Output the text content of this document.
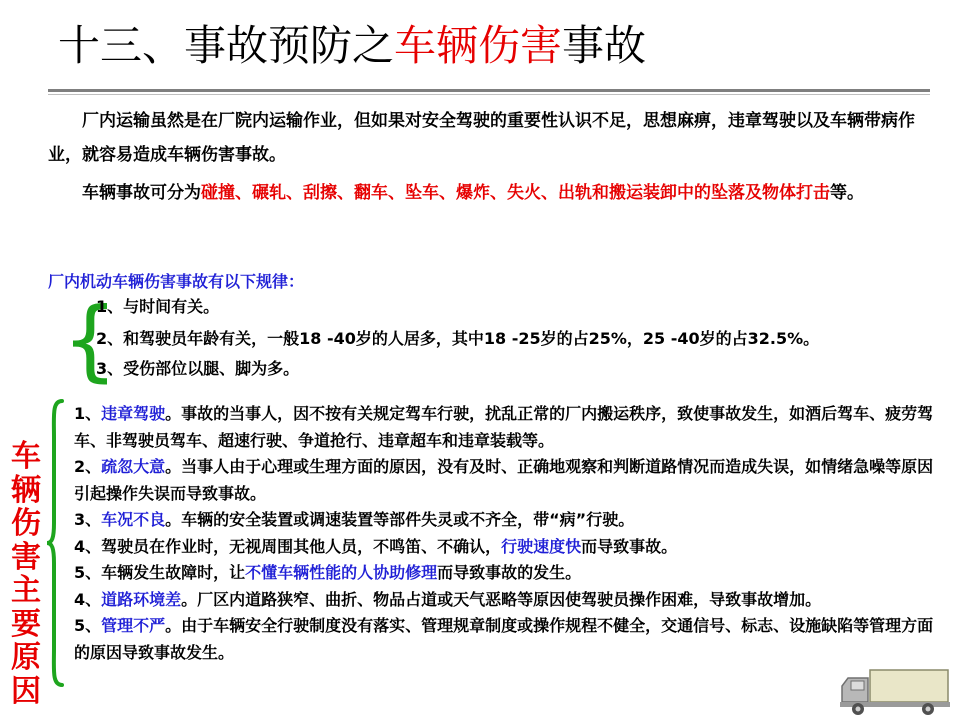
十三、事故预防之车辆伤害事故
厂内运输虽然是在厂院内运输作业，但如果对安全驾驶的重要性认识不足，思想麻痹，违章驾驶以及车辆带病作业，就容易造成车辆伤害事故。
车辆事故可分为碰撞、碾轧、刮擦、翻车、坠车、爆炸、失火、出轨和搬运装卸中的坠落及物体打击等。
厂内机动车辆伤害事故有以下规律：
{
1、与时间有关。
2、和驾驶员年龄有关，一般18 -40岁的人居多，其中18 -25岁的占25%，25 -40岁的占32.5%。
3、受伤部位以腿、脚为多。
车
辆
伤
害
主
要
原
因

1、违章驾驶。事故的当事人，因不按有关规定驾车行驶，扰乱正常的厂内搬运秩序，致使事故发生，如酒后驾车、疲劳驾车、非驾驶员驾车、超速行驶、争道抢行、违章超车和违章装载等。

2、疏忽大意。当事人由于心理或生理方面的原因，没有及时、正确地观察和判断道路情况而造成失误，如情绪急噪等原因引起操作失误而导致事故。

3、车况不良。车辆的安全装置或调速装置等部件失灵或不齐全，带“病”行驶。

4、驾驶员在作业时，无视周围其他人员，不鸣笛、不确认，行驶速度快而导致事故。

5、车辆发生故障时，让不懂车辆性能的人协助修理而导致事故的发生。

4、道路环境差。厂区内道路狭窄、曲折、物品占道或天气恶略等原因使驾驶员操作困难，导致事故增加。

5、管理不严。由于车辆安全行驶制度没有落实、管理规章制度或操作规程不健全，交通信号、标志、设施缺陷等管理方面的原因导致事故发生。
